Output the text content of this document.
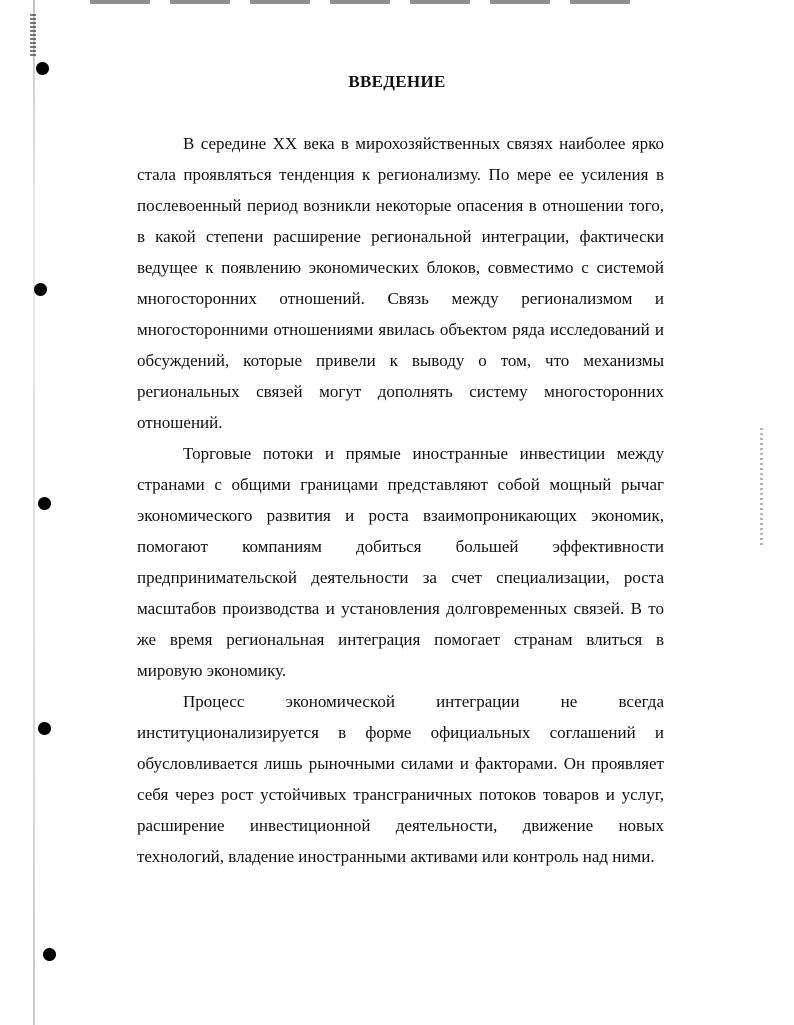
ВВЕДЕНИЕ

В середине XX века в мирохозяйственных связях наиболее ярко стала проявляться тенденция к регионализму. По мере ее усиления в послевоенный период возникли некоторые опасения в отношении того, в какой степени расширение региональной интеграции, фактически ведущее к появлению экономических блоков, совместимо с системой многосторонних отношений. Связь между регионализмом и многосторонними отношениями явилась объектом ряда исследований и обсуждений, которые привели к выводу о том, что механизмы региональных связей могут дополнять систему многосторонних отношений.

Торговые потоки и прямые иностранные инвестиции между странами с общими границами представляют собой мощный рычаг экономического развития и роста взаимопроникающих экономик, помогают компаниям добиться большей эффективности предпринимательской деятельности за счет специализации, роста масштабов производства и установления долговременных связей. В то же время региональная интеграция помогает странам влиться в мировую экономику.

Процесс экономической интеграции не всегда институционализируется в форме официальных соглашений и обусловливается лишь рыночными силами и факторами. Он проявляет себя через рост устойчивых трансграничных потоков товаров и услуг, расширение инвестиционной деятельности, движение новых технологий, владение иностранными активами или контроль над ними.
